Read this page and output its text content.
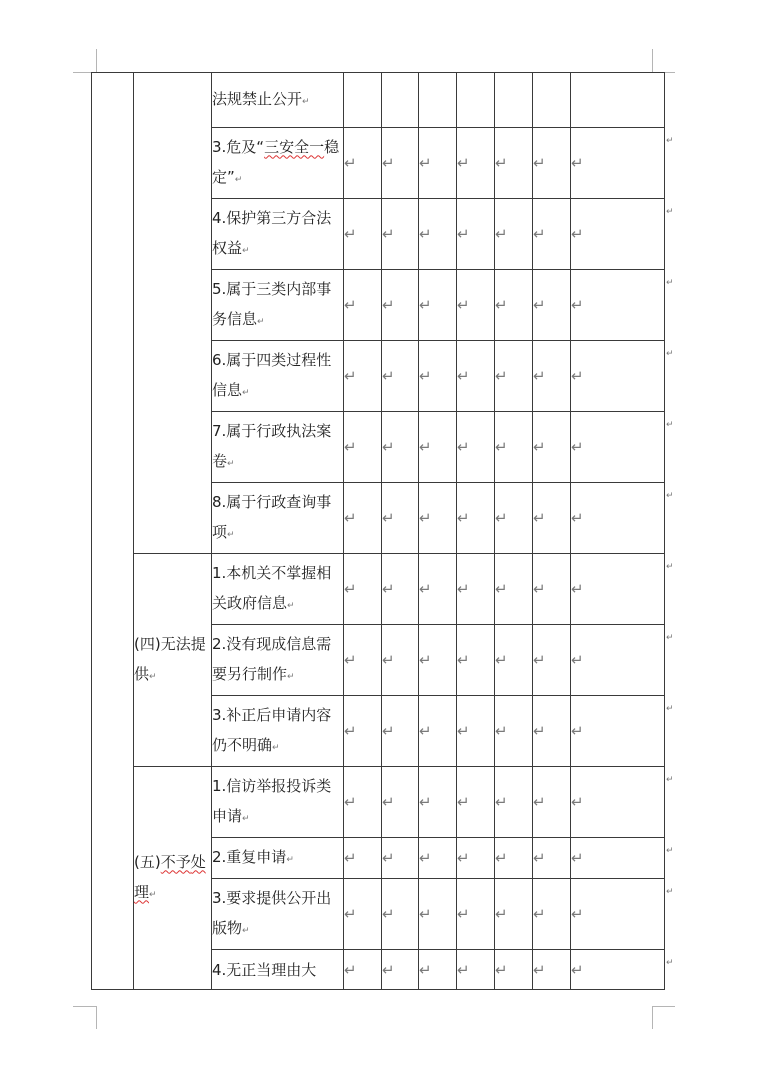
		法规禁止公开↵							
		3.危及“三安全一稳定”↵	↵	↵	↵	↵	↵	↵	↵
		4.保护第三方合法权益↵	↵	↵	↵	↵	↵	↵	↵
		5.属于三类内部事务信息↵	↵	↵	↵	↵	↵	↵	↵
		6.属于四类过程性信息↵	↵	↵	↵	↵	↵	↵	↵
		7.属于行政执法案卷↵	↵	↵	↵	↵	↵	↵	↵
		8.属于行政查询事项↵	↵	↵	↵	↵	↵	↵	↵
	(四)无法提供↵	1.本机关不掌握相关政府信息↵	↵	↵	↵	↵	↵	↵	↵
		2.没有现成信息需要另行制作↵	↵	↵	↵	↵	↵	↵	↵
		3.补正后申请内容仍不明确↵	↵	↵	↵	↵	↵	↵	↵
	(五)不予处理↵	1.信访举报投诉类申请↵	↵	↵	↵	↵	↵	↵	↵
		2.重复申请↵	↵	↵	↵	↵	↵	↵	↵
		3.要求提供公开出版物↵	↵	↵	↵	↵	↵	↵	↵
		4.无正当理由大	↵	↵	↵	↵	↵	↵	↵
↵
↵
↵
↵
↵
↵
↵
↵
↵
↵
↵
↵
↵
